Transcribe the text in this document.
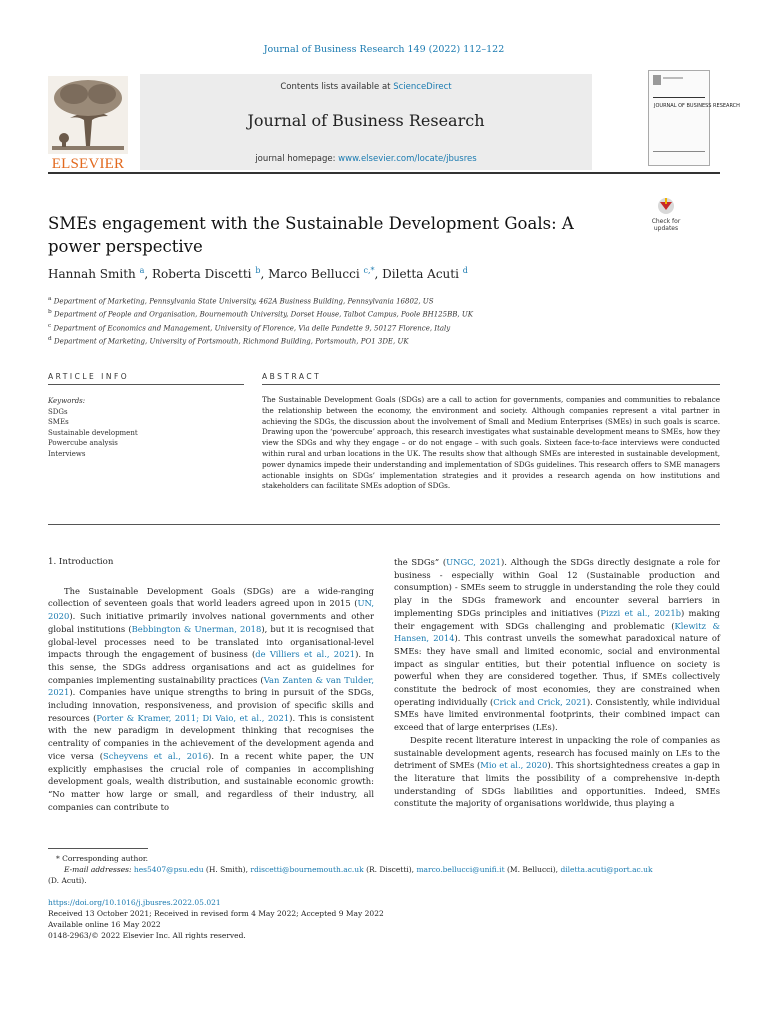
Journal of Business Research 149 (2022) 112–122
ELSEVIER
Contents lists available at ScienceDirect
Journal of Business Research
journal homepage: www.elsevier.com/locate/jbusres
JOURNAL OF BUSINESS RESEARCH
Check for
updates
SMEs engagement with the Sustainable Development Goals: A power perspective
Hannah Smith $^a$, Roberta Discetti $^b$, Marco Bellucci $^{c,*}$, Diletta Acuti $^d$
$^a$ Department of Marketing, Pennsylvania State University, 462A Business Building, Pennsylvania 16802, US
$^b$ Department of People and Organisation, Bournemouth University, Dorset House, Talbot Campus, Poole BH125BB, UK
$^c$ Department of Economics and Management, University of Florence, Via delle Pandette 9, 50127 Florence, Italy
$^d$ Department of Marketing, University of Portsmouth, Richmond Building, Portsmouth, PO1 3DE, UK
ARTICLE INFO	ABSTRACT
Keywords:
SDGs
SMEs
Sustainable development
Powercube analysis
Interviews
The Sustainable Development Goals (SDGs) are a call to action for governments, companies and communities to rebalance the relationship between the economy, the environment and society. Although companies represent a vital partner in achieving the SDGs, the discussion about the involvement of Small and Medium Enterprises (SMEs) in such goals is scarce. Drawing upon the ‘powercube’ approach, this research investigates what sustainable development means to SMEs, how they view the SDGs and why they engage – or do not engage – with such goals. Sixteen face-to-face interviews were conducted within rural and urban locations in the UK. The results show that although SMEs are interested in sustainable development, power dynamics impede their understanding and implementation of SDGs guidelines. This research offers to SME managers actionable insights on SDGs’ implementation strategies and it provides a research agenda on how institutions and stakeholders can facilitate SMEs adoption of SDGs.

1. Introduction

The Sustainable Development Goals (SDGs) are a wide-ranging collection of seventeen goals that world leaders agreed upon in 2015 (UN, 2020). Such initiative primarily involves national governments and other global institutions (Bebbington & Unerman, 2018), but it is recognised that global-level processes need to be translated into organisational-level impacts through the engagement of business (de Villiers et al., 2021). In this sense, the SDGs address organisations and act as guidelines for companies implementing sustainability practices (Van Zanten & van Tulder, 2021). Companies have unique strengths to bring in pursuit of the SDGs, including innovation, responsiveness, and provision of specific skills and resources (Porter & Kramer, 2011; Di Vaio, et al., 2021). This is consistent with the new paradigm in development thinking that recognises the centrality of companies in the achievement of the development agenda and vice versa (Scheyvens et al., 2016). In a recent white paper, the UN explicitly emphasises the crucial role of companies in accomplishing development goals, wealth distribution, and sustainable economic growth: “No matter how large or small, and regardless of their industry, all companies can contribute to

the SDGs” (UNGC, 2021). Although the SDGs directly designate a role for business - especially within Goal 12 (Sustainable production and consumption) - SMEs seem to struggle in understanding the role they could play in the SDGs framework and encounter several barriers in implementing SDGs principles and initiatives (Pizzi et al., 2021b) making their engagement with SDGs challenging and problematic (Klewitz & Hansen, 2014). This contrast unveils the somewhat paradoxical nature of SMEs: they have small and limited economic, social and environmental impact as singular entities, but their potential influence on society is powerful when they are considered together. Thus, if SMEs collectively constitute the bedrock of most economies, they are constrained when operating individually (Crick and Crick, 2021). Consistently, while individual SMEs have limited environmental footprints, their combined impact can exceed that of large enterprises (LEs).

Despite recent literature interest in unpacking the role of companies as sustainable development agents, research has focused mainly on LEs to the detriment of SMEs (Mio et al., 2020). This shortsightedness creates a gap in the literature that limits the possibility of a comprehensive in-depth understanding of SDGs liabilities and opportunities. Indeed, SMEs constitute the majority of organisations worldwide, thus playing a

* Corresponding author.
E-mail addresses: hes5407@psu.edu (H. Smith), rdiscetti@bournemouth.ac.uk (R. Discetti), marco.bellucci@unifi.it (M. Bellucci), diletta.acuti@port.ac.uk
(D. Acuti).
https://doi.org/10.1016/j.jbusres.2022.05.021
Received 13 October 2021; Received in revised form 4 May 2022; Accepted 9 May 2022
Available online 16 May 2022
0148-2963/© 2022 Elsevier Inc. All rights reserved.
